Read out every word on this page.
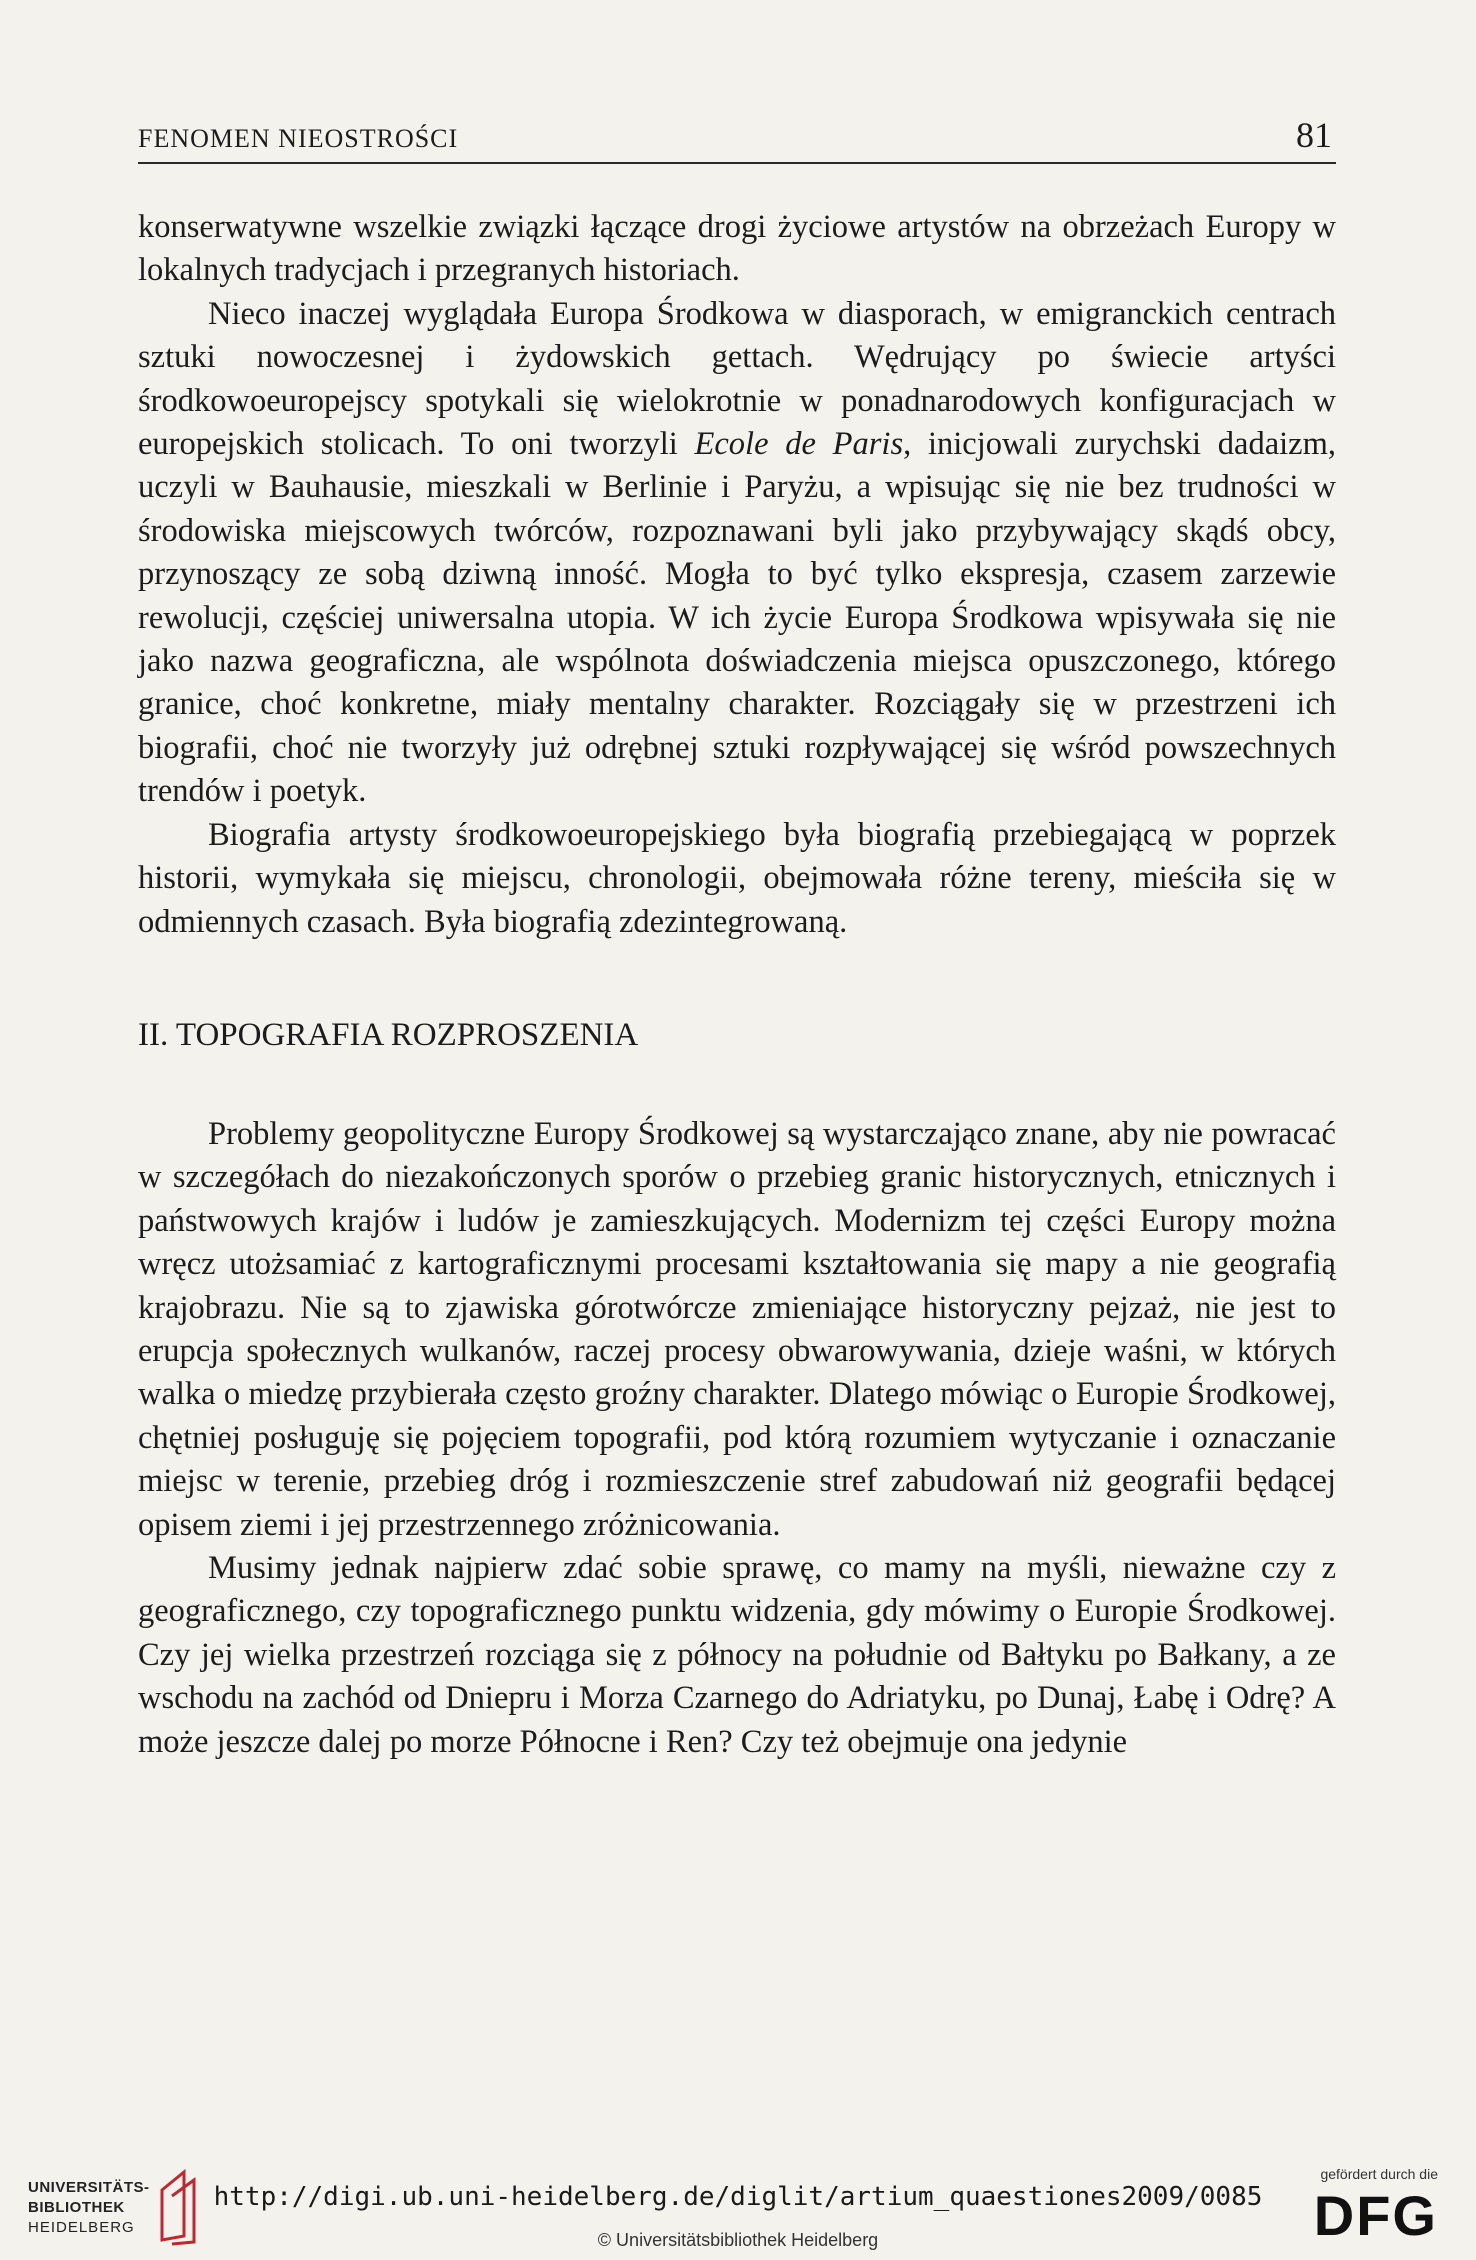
FENOMEN NIEOSTROŚCI	81

konserwatywne wszelkie związki łączące drogi życiowe artystów na obrzeżach Europy w lokalnych tradycjach i przegranych historiach.

Nieco inaczej wyglądała Europa Środkowa w diasporach, w emigranckich centrach sztuki nowoczesnej i żydowskich gettach. Wędrujący po świecie artyści środkowoeuropejscy spotykali się wielokrotnie w ponadnarodowych konfiguracjach w europejskich stolicach. To oni tworzyli Ecole de Paris, inicjowali zurychski dadaizm, uczyli w Bauhausie, mieszkali w Berlinie i Paryżu, a wpisując się nie bez trudności w środowiska miejscowych twórców, rozpoznawani byli jako przybywający skądś obcy, przynoszący ze sobą dziwną inność. Mogła to być tylko ekspresja, czasem zarzewie rewolucji, częściej uniwersalna utopia. W ich życie Europa Środkowa wpisywała się nie jako nazwa geograficzna, ale wspólnota doświadczenia miejsca opuszczonego, którego granice, choć konkretne, miały mentalny charakter. Rozciągały się w przestrzeni ich biografii, choć nie tworzyły już odrębnej sztuki rozpływającej się wśród powszechnych trendów i poetyk.

Biografia artysty środkowoeuropejskiego była biografią przebiegającą w poprzek historii, wymykała się miejscu, chronologii, obejmowała różne tereny, mieściła się w odmiennych czasach. Była biografią zdezintegrowaną.

II. TOPOGRAFIA ROZPROSZENIA

Problemy geopolityczne Europy Środkowej są wystarczająco znane, aby nie powracać w szczegółach do niezakończonych sporów o przebieg granic historycznych, etnicznych i państwowych krajów i ludów je zamieszkujących. Modernizm tej części Europy można wręcz utożsamiać z kartograficznymi procesami kształtowania się mapy a nie geografią krajobrazu. Nie są to zjawiska górotwórcze zmieniające historyczny pejzaż, nie jest to erupcja społecznych wulkanów, raczej procesy obwarowywania, dzieje waśni, w których walka o miedzę przybierała często groźny charakter. Dlatego mówiąc o Europie Środkowej, chętniej posługuję się pojęciem topografii, pod którą rozumiem wytyczanie i oznaczanie miejsc w terenie, przebieg dróg i rozmieszczenie stref zabudowań niż geografii będącej opisem ziemi i jej przestrzennego zróżnicowania.

Musimy jednak najpierw zdać sobie sprawę, co mamy na myśli, nieważne czy z geograficznego, czy topograficznego punktu widzenia, gdy mówimy o Europie Środkowej. Czy jej wielka przestrzeń rozciąga się z północy na południe od Bałtyku po Bałkany, a ze wschodu na zachód od Dniepru i Morza Czarnego do Adriatyku, po Dunaj, Łabę i Odrę? A może jeszcze dalej po morze Północne i Ren? Czy też obejmuje ona jedynie

UNIVERSITÄTS-
BIBLIOTHEK
HEIDELBERG
http://digi.ub.uni-heidelberg.de/diglit/artium_quaestiones2009/0085
© Universitätsbibliothek Heidelberg
gefördert durch die
DFG
